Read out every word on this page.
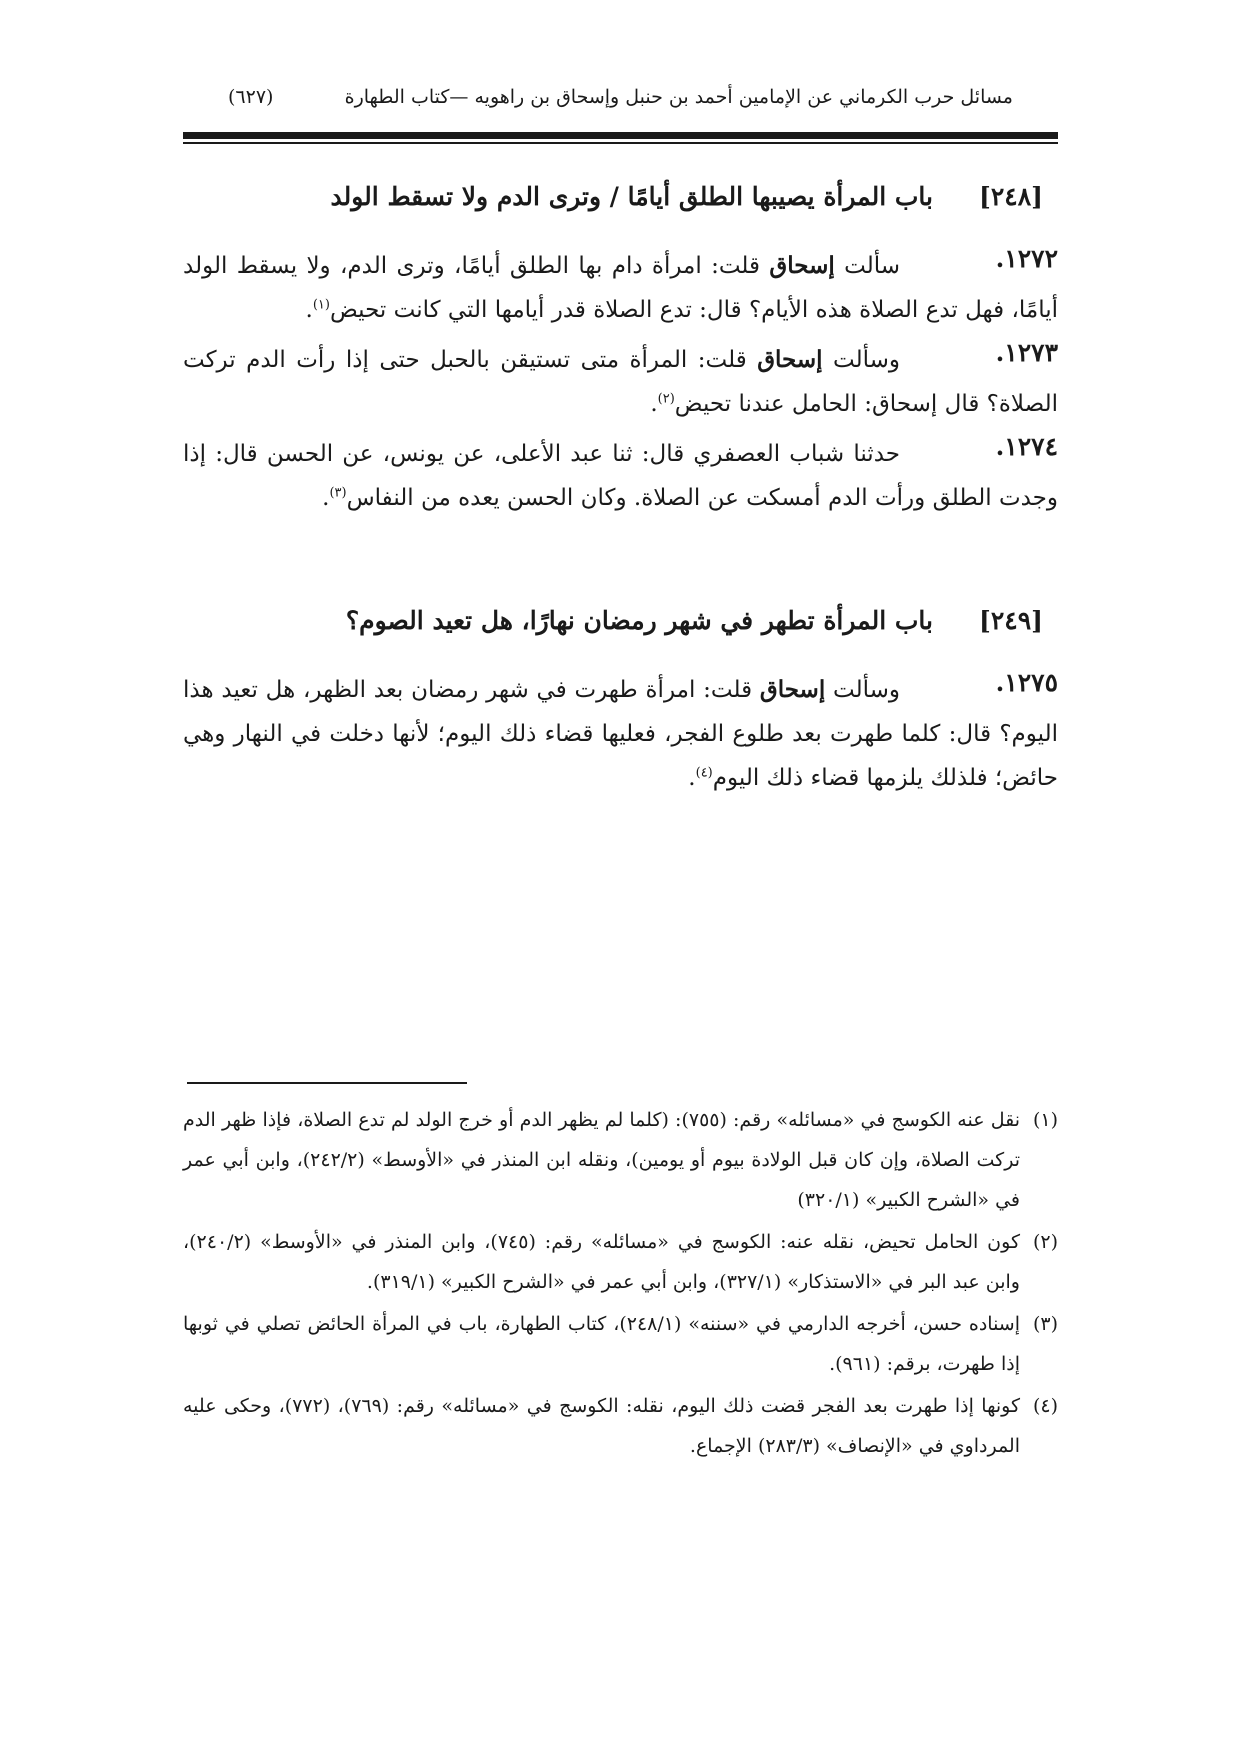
مسائل حرب الكرماني عن الإمامين أحمد بن حنبل وإسحاق بن راهويه —كتاب الطهارة
(٦٢٧)
[٢٤٨]
باب المرأة يصيبها الطلق أيامًا / وترى الدم ولا تسقط الولد
١٢٧٢.

سألت إسحاق قلت: امرأة دام بها الطلق أيامًا، وترى الدم، ولا يسقط الولد أيامًا، فهل تدع الصلاة هذه الأيام؟ قال: تدع الصلاة قدر أيامها التي كانت تحيض$^{(١)}$.

١٢٧٣.

وسألت إسحاق قلت: المرأة متى تستيقن بالحبل حتى إذا رأت الدم تركت الصلاة؟ قال إسحاق: الحامل عندنا تحيض$^{(٢)}$.

١٢٧٤.

حدثنا شباب العصفري قال: ثنا عبد الأعلى، عن يونس، عن الحسن قال: إذا وجدت الطلق ورأت الدم أمسكت عن الصلاة. وكان الحسن يعده من النفاس$^{(٣)}$.

[٢٤٩]
باب المرأة تطهر في شهر رمضان نهارًا، هل تعيد الصوم؟
١٢٧٥.

وسألت إسحاق قلت: امرأة طهرت في شهر رمضان بعد الظهر، هل تعيد هذا اليوم؟ قال: كلما طهرت بعد طلوع الفجر، فعليها قضاء ذلك اليوم؛ لأنها دخلت في النهار وهي حائض؛ فلذلك يلزمها قضاء ذلك اليوم$^{(٤)}$.

(١)
نقل عنه الكوسج في «مسائله» رقم: (٧٥٥): (كلما لم يظهر الدم أو خرج الولد لم تدع الصلاة، فإذا ظهر الدم تركت الصلاة، وإن كان قبل الولادة بيوم أو يومين)، ونقله ابن المنذر في «الأوسط» (٢٤٢/٢)، وابن أبي عمر في «الشرح الكبير» (٣٢٠/١)

(٢)
كون الحامل تحيض، نقله عنه: الكوسج في «مسائله» رقم: (٧٤٥)، وابن المنذر في «الأوسط» (٢٤٠/٢)، وابن عبد البر في «الاستذكار» (٣٢٧/١)، وابن أبي عمر في «الشرح الكبير» (٣١٩/١).

(٣)
إسناده حسن، أخرجه الدارمي في «سننه» (٢٤٨/١)، كتاب الطهارة، باب في المرأة الحائض تصلي في ثوبها إذا طهرت، برقم: (٩٦١).

(٤)
كونها إذا طهرت بعد الفجر قضت ذلك اليوم، نقله: الكوسج في «مسائله» رقم: (٧٦٩)، (٧٧٢)، وحكى عليه المرداوي في «الإنصاف» (٢٨٣/٣) الإجماع.
